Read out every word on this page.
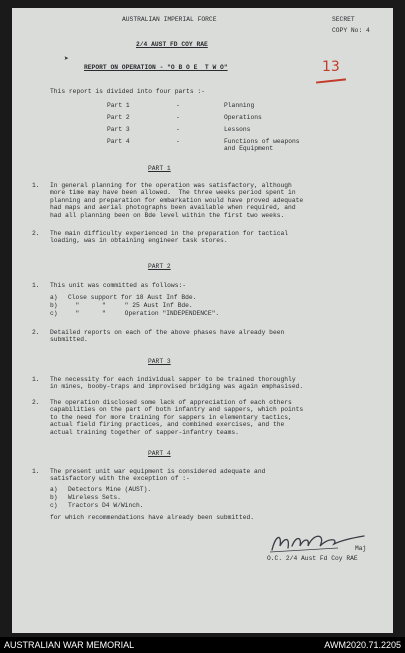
AUSTRALIAN IMPERIAL FORCE	SECRET
COPY No: 4
2/4 AUST FD COY RAE
REPORT ON OPERATION - "O B O E  T W O"
➤
This report is divided into four parts :-
Part 1	-	Planning
Part 2	-	Operations
Part 3	-	Lessons
Part 4	-	Functions of weapons
and Equipment
PART 1
1. In general planning for the operation was satisfactory, although
more time may have been allowed.  The three weeks period spent in
planning and preparation for embarkation would have proved adequate
had maps and aerial photographs been available when required, and
had all planning been on Bde level within the first two weeks.
2. The main difficulty experienced in the preparation for tactical
loading, was in obtaining engineer task stores.
PART 2
1. This unit was committed as follows:-
a) Close support for 18 Aust Inf Bde.
b) "      "     " 25 Aust Inf Bde.
c) "      "     Operation "INDEPENDENCE".
2. Detailed reports on each of the above phases have already been
submitted.
PART 3
1. The necessity for each individual sapper to be trained thoroughly
in mines, booby-traps and improvised bridging was again emphasised.
2. The operation disclosed some lack of appreciation of each others
capabilities on the part of both infantry and sappers, which points
to the need for more training for sappers in elementary tactics,
actual field firing practices, and combined exercises, and the
actual training together of sapper-infantry teams.
PART 4
1. The present unit war equipment is considered adequate and
satisfactory with the exception of :-
a) Detectors Mine (AUST).
b) Wireless Sets.
c) Tractors D4 W/Winch.
for which recommendations have already been submitted.
Maj
O.C. 2/4 Aust Fd Coy RAE
13
AUSTRALIAN WAR MEMORIAL	AWM2020.71.2205
